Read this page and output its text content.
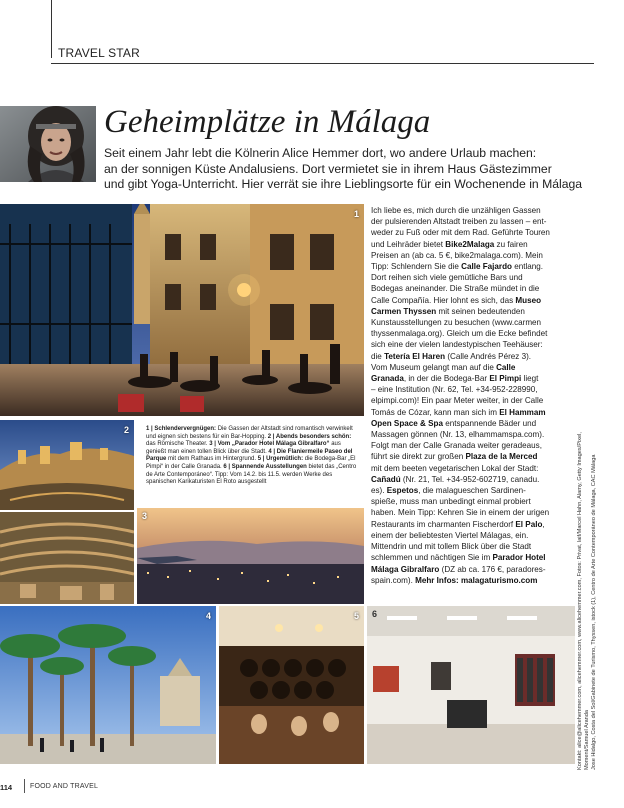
TRAVEL STAR
Geheimplätze in Málaga
Seit einem Jahr lebt die Kölnerin Alice Hemmer dort, wo andere Urlaub machen:
an der sonnigen Küste Andalusiens. Dort vermietet sie in ihrem Haus Gästezimmer
und gibt Yoga-Unterricht. Hier verrät sie ihre Lieblingsorte für ein Wochenende in Málaga
1
2
3
4	5 6
1 | Schlendervergnügen: Die Gassen der Altstadt sind romantisch verwinkelt und eignen sich bestens für ein Bar-Hopping. 2 | Abends besonders schön: das Römische Theater. 3 | Vom „Parador Hotel Málaga Gibralfaro“ aus genießt man einen tollen Blick über die Stadt. 4 | Die Flaniermeile Paseo del Parque mit dem Rathaus im Hintergrund. 5 | Urgemütlich: die Bodega-Bar „El Pimpi“ in der Calle Granada. 6 | Spannende Ausstellungen bietet das „Centro de Arte Contemporáneo“. Tipp: Vom 14.2. bis 11.5. werden Werke des spanischen Karikaturisten El Roto ausgestellt
Ich liebe es, mich durch die unzähligen Gassen
der pulsierenden Altstadt treiben zu lassen – ent-
weder zu Fuß oder mit dem Rad. Geführte Touren
und Leihräder bietet Bike2Malaga zu fairen
Preisen an (ab ca. 5 €, bike2malaga.com). Mein
Tipp: Schlendern Sie die Calle Fajardo entlang.
Dort reihen sich viele gemütliche Bars und
Bodegas aneinander. Die Straße mündet in die
Calle Compañía. Hier lohnt es sich, das Museo
Carmen Thyssen mit seinen bedeutenden
Kunstausstellungen zu besuchen (www.carmen
thyssenmalaga.org). Gleich um die Ecke befindet
sich eine der vielen landestypischen Teehäuser:
die Tetería El Haren (Calle Andrés Pérez 3).
Vom Museum gelangt man auf die Calle
Granada, in der die Bodega-Bar El Pimpi liegt
– eine Institution (Nr. 62, Tel. +34-952-228990,
elpimpi.com)! Ein paar Meter weiter, in der Calle
Tomás de Cózar, kann man sich im El Hammam
Open Space & Spa entspannende Bäder und
Massagen gönnen (Nr. 13, elhammamspa.com).
Folgt man der Calle Granada weiter geradeaus,
führt sie direkt zur großen Plaza de la Merced
mit dem beeten vegetarischen Lokal der Stadt:
Cañadú (Nr. 21, Tel. +34-952-602719, canadu.
es). Espetos, die malagueschen Sardinen-
spieße, muss man unbedingt einmal probiert
haben. Mein Tipp: Kehren Sie in einem der urigen
Restaurants im charmanten Fischerdorf El Palo,
einem der beliebtesten Viertel Málagas, ein.
Mittendrin und mit tollem Blick über die Stadt
schlemmen und nächtigen Sie im Parador Hotel
Málaga Gibralfaro (DZ ab ca. 176 €, paradores-
spain.com). Mehr Infos: malagaturismo.com	Kontakt: alice@alicehemmer.com, alicehemmer.com, www.alicehemmer.com, Fotos: Privat, laif/Marcel Hahn, Alamy, Getty Images/Pixel, Moment/Samuel Aranda Jose Hidalgo, Costa del Sol/Gabinete de Turismo, Thyssen, istock (1), Centro de Arte Contemporáneo de Málaga, CAC Málaga
114	FOOD AND TRAVEL
